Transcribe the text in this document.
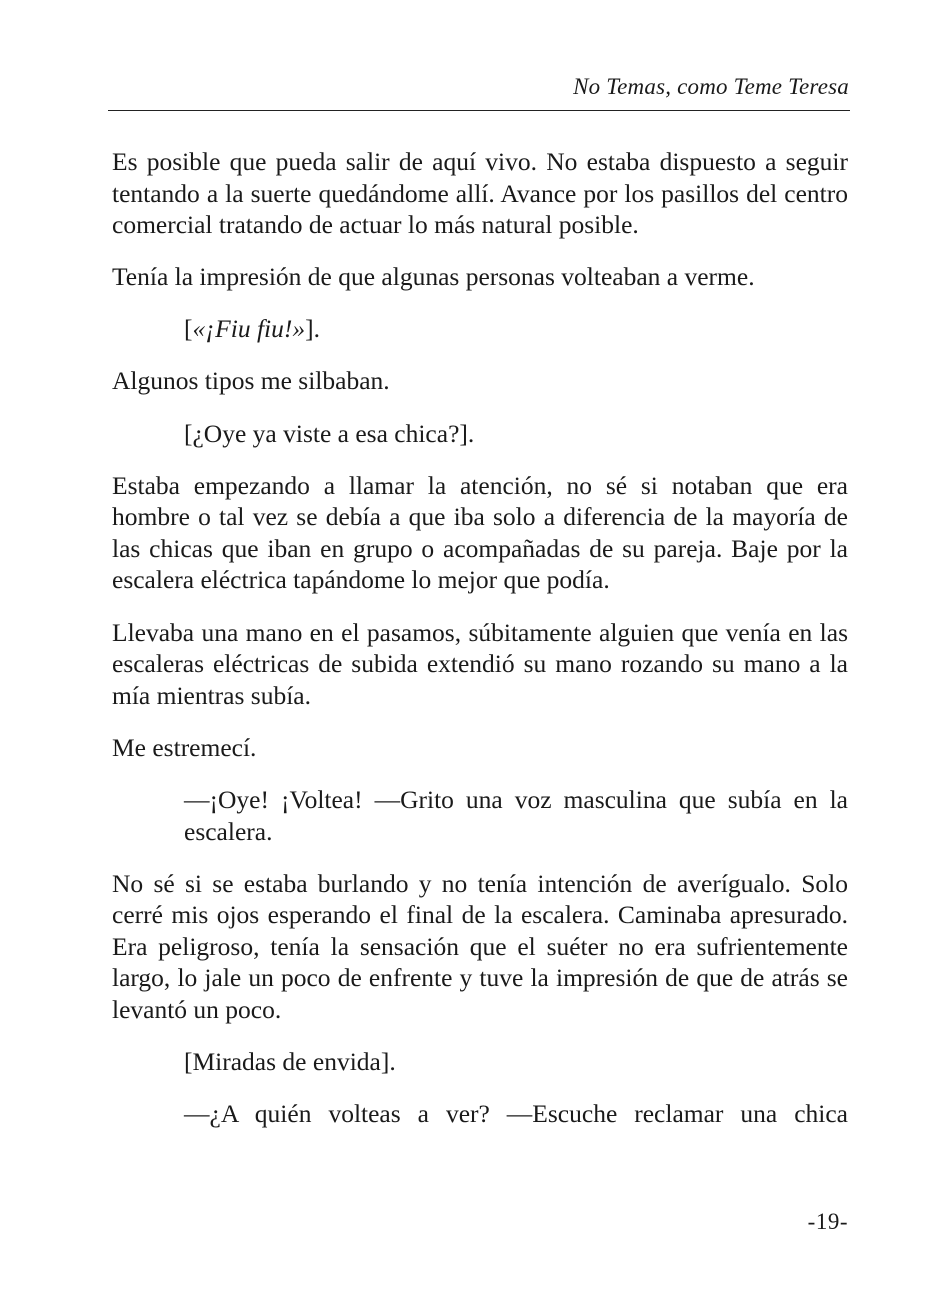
No Temas, como Teme Teresa

Es posible que pueda salir de aquí vivo. No estaba dispuesto a seguir tentando a la suerte quedándome allí. Avance por los pasillos del centro comercial tratando de actuar lo más natural posible.

Tenía la impresión de que algunas personas volteaban a verme.

[«¡Fiu fiu!»].

Algunos tipos me silbaban.

[¿Oye ya viste a esa chica?].

Estaba empezando a llamar la atención, no sé si notaban que era hombre o tal vez se debía a que iba solo a diferencia de la mayoría de las chicas que iban en grupo o acompañadas de su pareja. Baje por la escalera eléctrica tapándome lo mejor que podía.

Llevaba una mano en el pasamos, súbitamente alguien que venía en las escaleras eléctricas de subida extendió su mano rozando su mano a la mía mientras subía.

Me estremecí.

—¡Oye! ¡Voltea! —Grito una voz masculina que subía en la escalera.

No sé si se estaba burlando y no tenía intención de averígualo. Solo cerré mis ojos esperando el final de la escalera. Caminaba apresurado. Era peligroso, tenía la sensación que el suéter no era sufrientemente largo, lo jale un poco de enfrente y tuve la impresión de que de atrás se levantó un poco.

[Miradas de envida].

—¿A quién volteas a ver? —Escuche reclamar una chica

-19-
